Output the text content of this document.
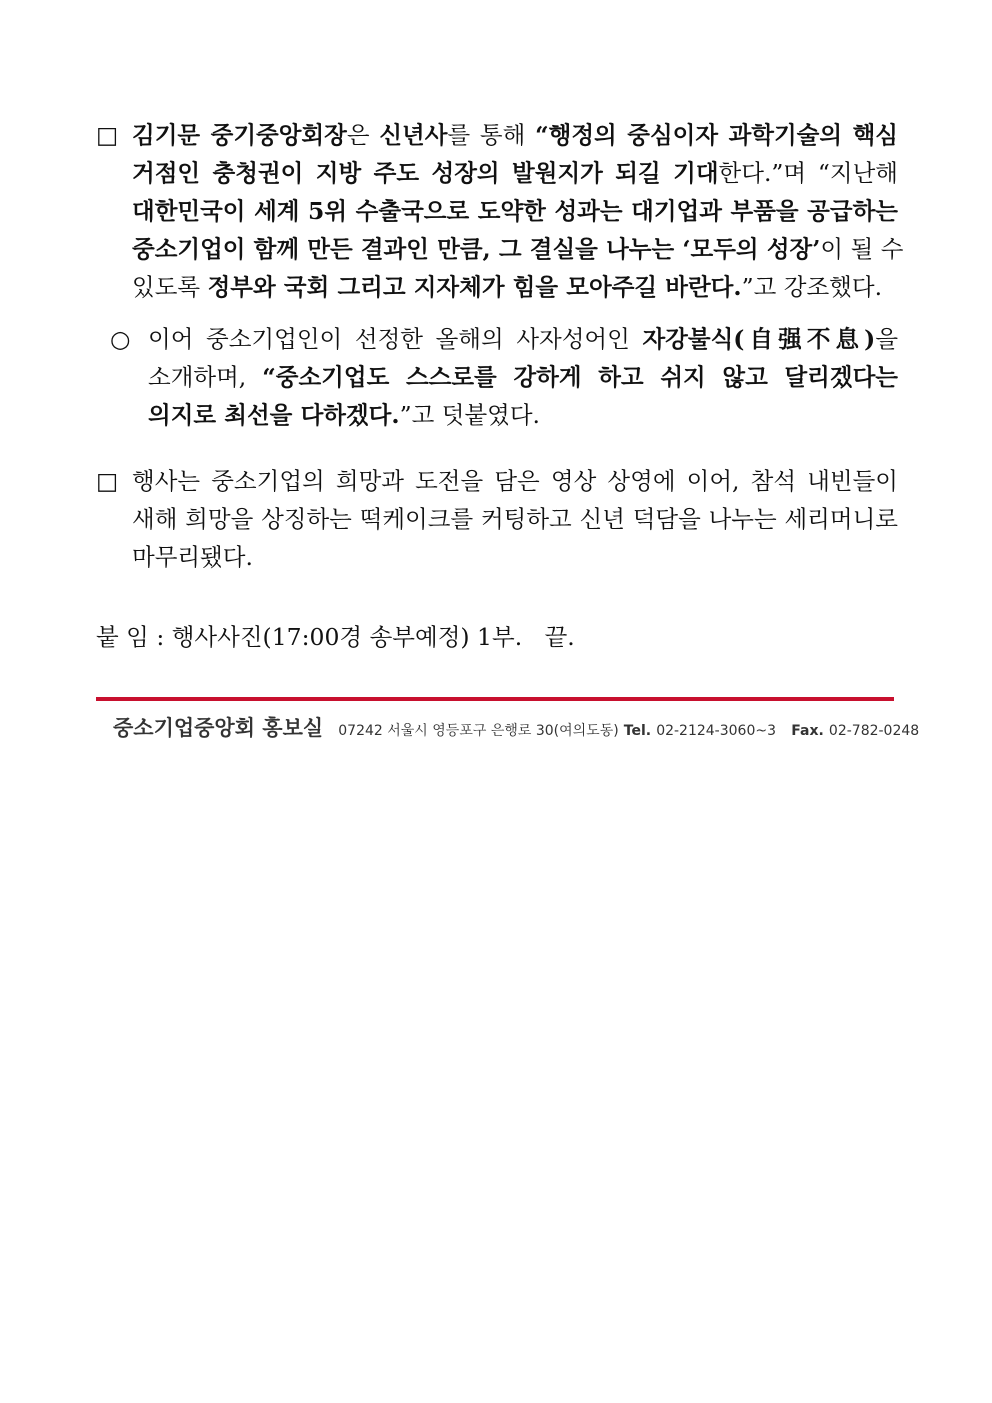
□ 김기문 중기중앙회장은 신년사를 통해 “행정의 중심이자 과학기술의 핵심
거점인 충청권이 지방 주도 성장의 발원지가 되길 기대한다.”며 “지난해
대한민국이 세계 5위 수출국으로 도약한 성과는 대기업과 부품을 공급하는
중소기업이 함께 만든 결과인 만큼, 그 결실을 나누는 ‘모두의 성장’이 될 수
있도록 정부와 국회 그리고 지자체가 힘을 모아주길 바란다.”고 강조했다.
○ 이어 중소기업인이 선정한 올해의 사자성어인 자강불식(自强不息)을
소개하며, “중소기업도 스스로를 강하게 하고 쉬지 않고 달리겠다는
의지로 최선을 다하겠다.”고 덧붙였다.
□ 행사는 중소기업의 희망과 도전을 담은 영상 상영에 이어, 참석 내빈들이
새해 희망을 상징하는 떡케이크를 커팅하고 신년 덕담을 나누는 세리머니로
마무리됐다.
붙 임 : 행사사진(17:00경 송부예정) 1부.   끝.
중소기업중앙회 홍보실 07242 서울시 영등포구 은행로 30(여의도동) Tel. 02-2124-3060~3 Fax. 02-782-0248
